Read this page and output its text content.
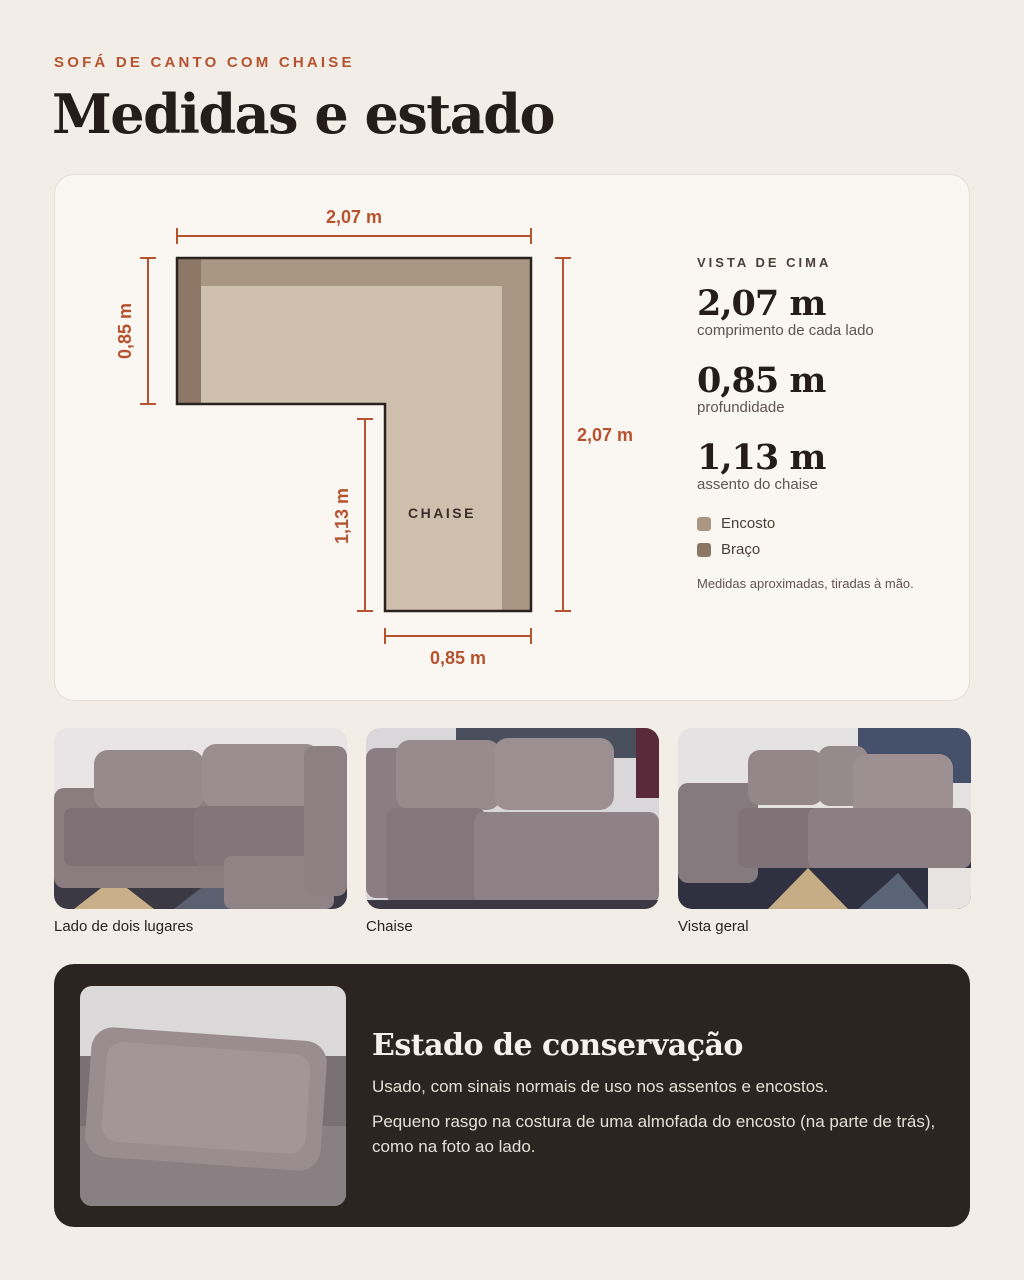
SOFÁ DE CANTO COM CHAISE
Medidas e estado
CHAISE
2,07 m
0,85 m
2,07 m
1,13 m
0,85 m
VISTA DE CIMA
2,07 m
comprimento de cada lado
0,85 m
profundidade
1,13 m
assento do chaise
Encosto
Braço
Medidas aproximadas, tiradas à mão.
Lado de dois lugares	Chaise	Vista geral
Estado de conservação

Usado, com sinais normais de uso nos assentos e encostos.

Pequeno rasgo na costura de uma almofada do encosto (na parte de trás), como na foto ao lado.
